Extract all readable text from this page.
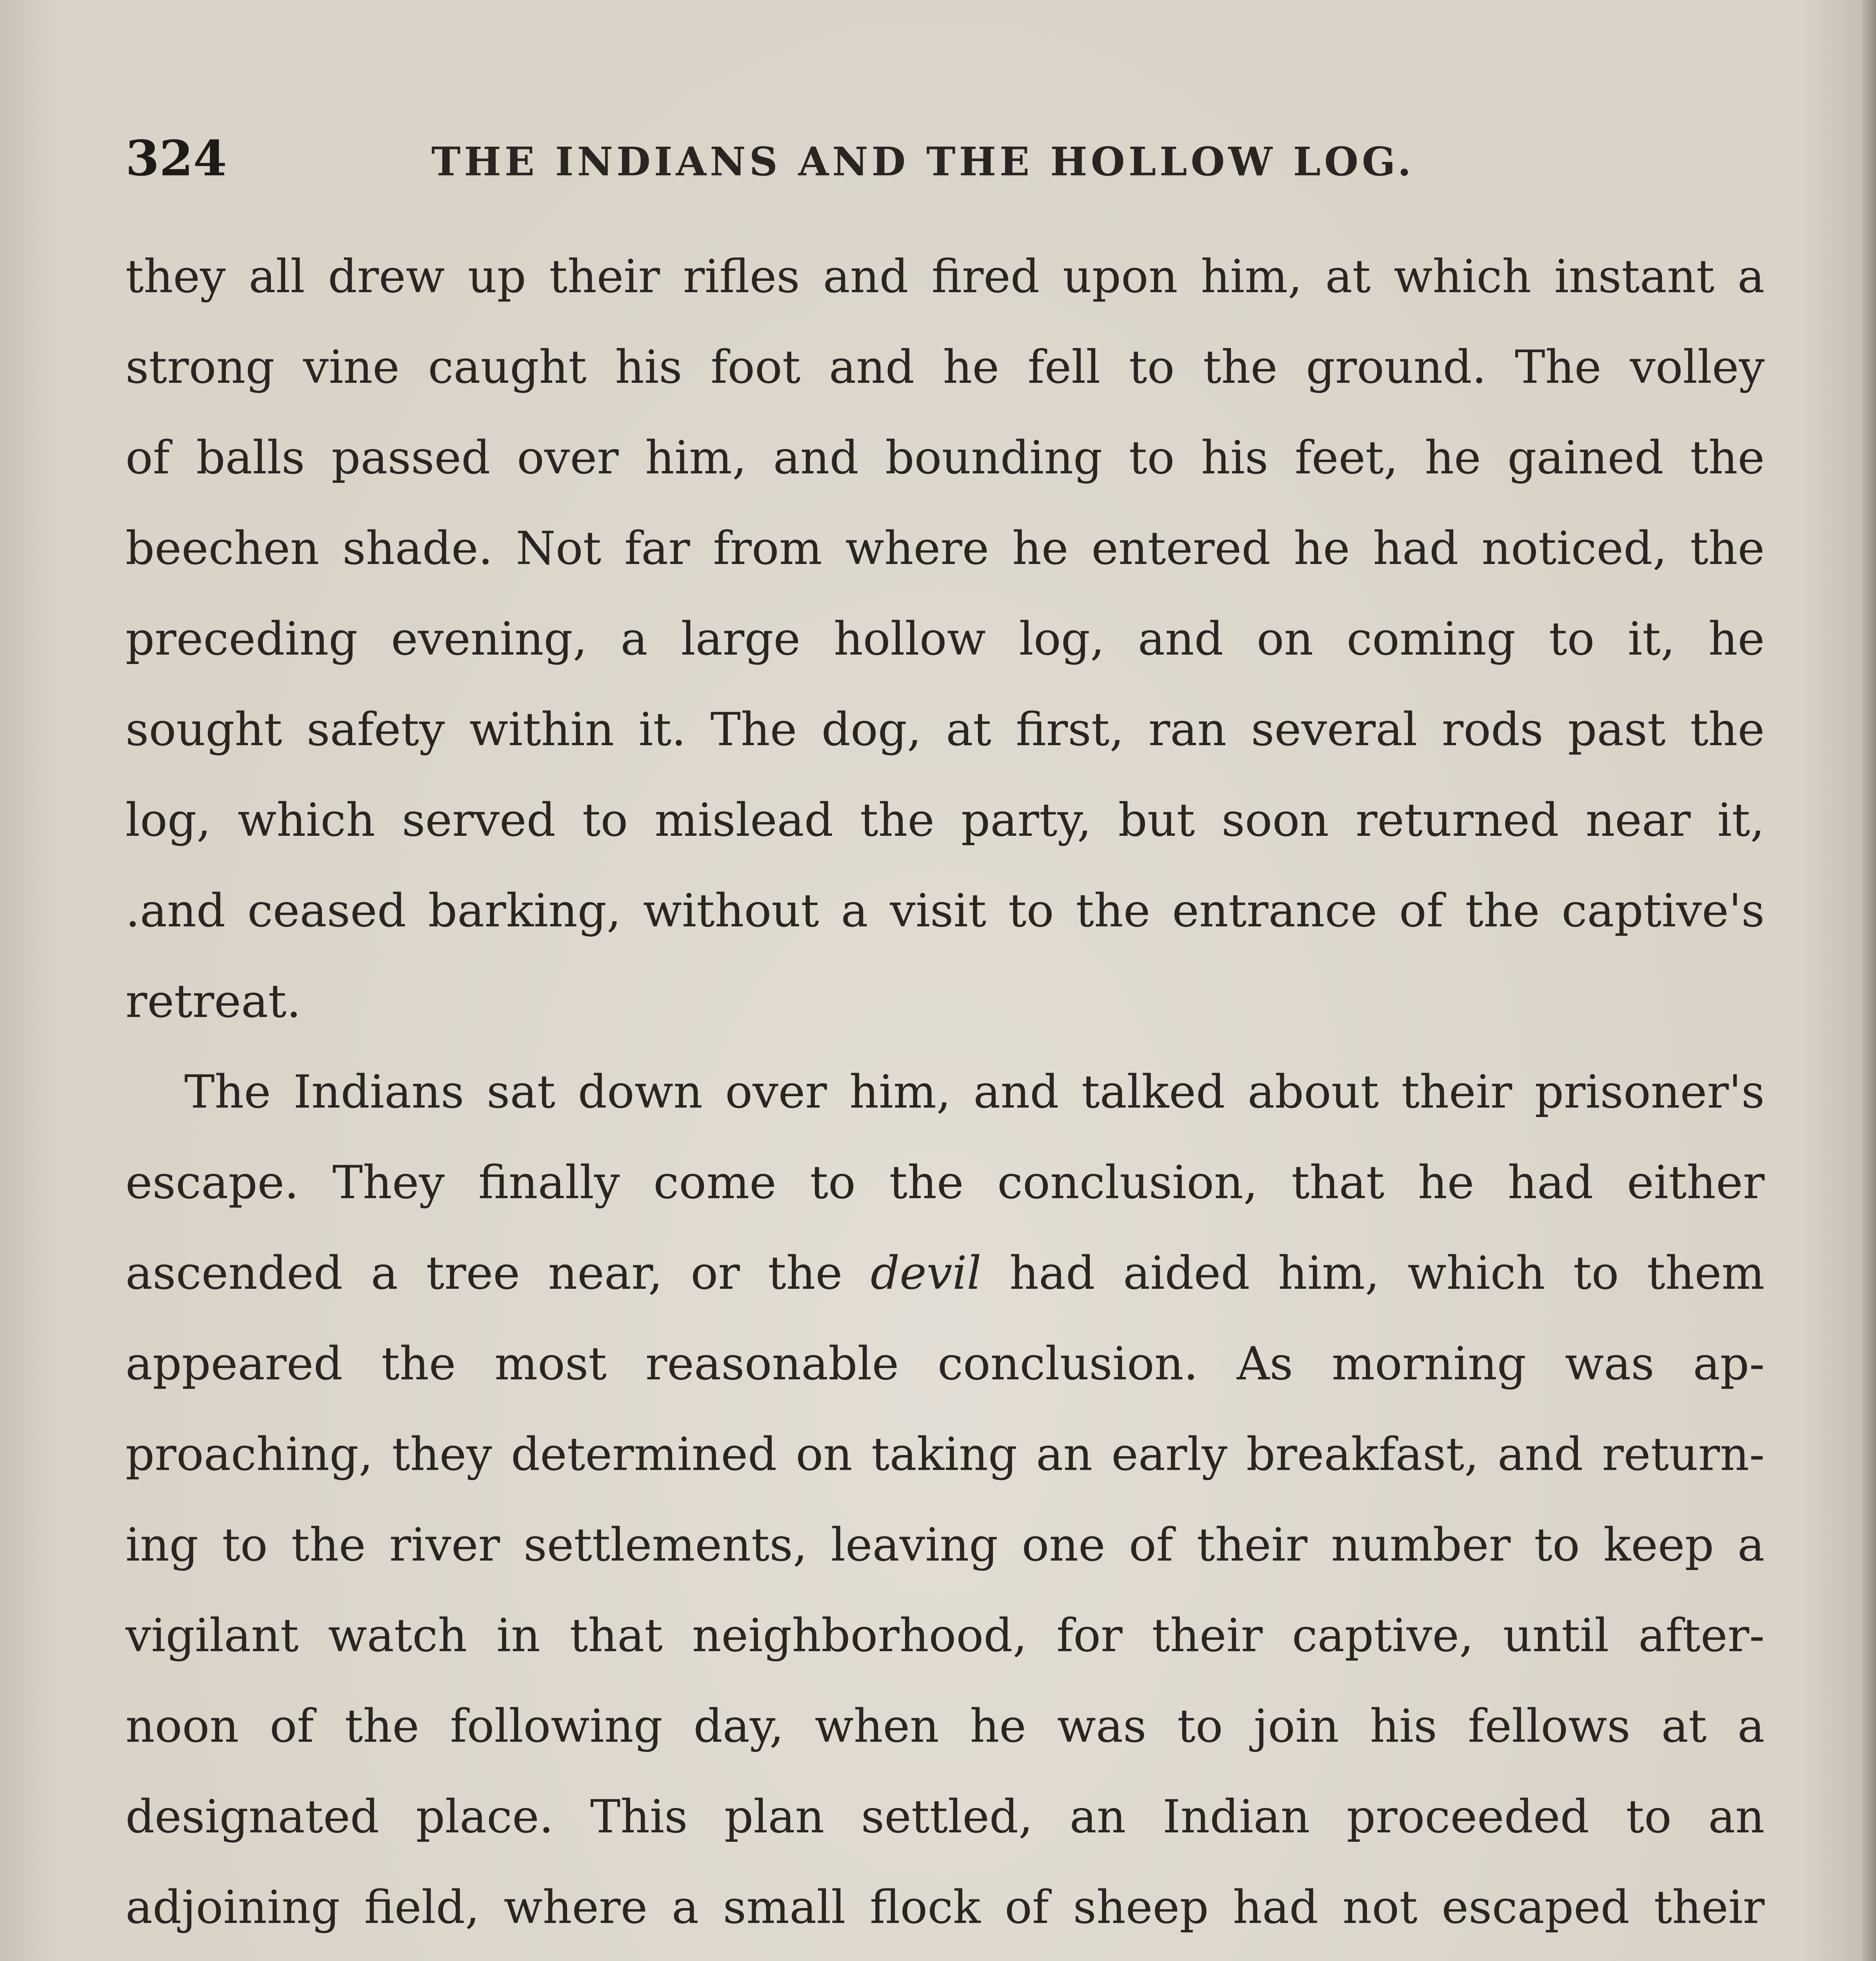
324	THE INDIANS AND THE HOLLOW LOG.
they all drew up their rifles and fired upon him, at which instant a
strong vine caught his foot and he fell to the ground. The volley
of balls passed over him, and bounding to his feet, he gained the
beechen shade. Not far from where he entered he had noticed, the
preceding evening, a large hollow log, and on coming to it, he
sought safety within it. The dog, at first, ran several rods past the
log, which served to mislead the party, but soon returned near it,
.and ceased barking, without a visit to the entrance of the captive's
retreat.
The Indians sat down over him, and talked about their prisoner's
escape. They finally come to the conclusion, that he had either
ascended a tree near, or the devil had aided him, which to them
appeared the most reasonable conclusion. As morning was ap-
proaching, they determined on taking an early breakfast, and return-
ing to the river settlements, leaving one of their number to keep a
vigilant watch in that neighborhood, for their captive, until after-
noon of the following day, when he was to join his fellows at a
designated place. This plan settled, an Indian proceeded to an
adjoining field, where a small flock of sheep had not escaped their
